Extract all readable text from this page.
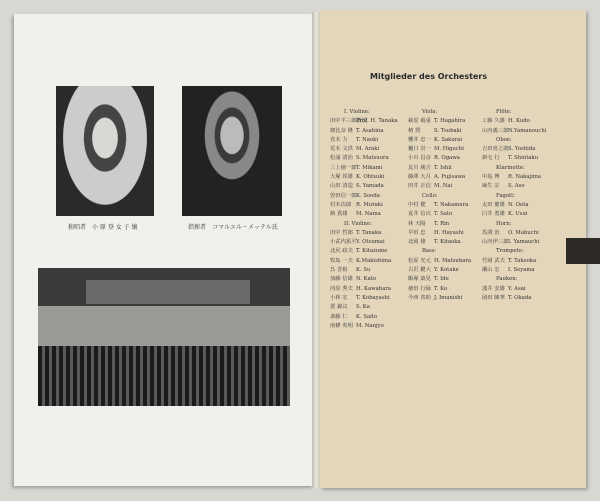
独唱者 小 原 登 女 子 嬢	指揮者 コマルエル・メッテル氏
Mitglieder des Orchesters
I. Violine:
田中平三郎教授Prof. H. Tanaka
朝比奈 隆 T. Asahina
直木 力 T. Naoki
荒木 文洪 M. Araki
松浦 清治 S. Matsuura
三上徳一郎T. Mikami
大塚 邦雄 K. Ohtsuki
山田 清造 S. Yamada
曽田信一郎K. Sooda
村木次郎 R. Muraki
納 貴雄 M. Nama
II. Violine:
田中 哲郎 T. Tanaka
小武内篤平Y. Otsumai
北尻 政夫 T. Kitazume
牧島 一夫 K.Makishima
呉 晋相 K. Su
加藤 信雄 N. Kato
河原 秀夫 H. Kawahara
小林 宏 T. Kobayashi
賈 錦汶 S. Ka
斎藤 仁 K. Saito
南條 英明 M. Nanjyo
Viola:
萩原 碩重 T. Hagahira
椿 奨	S. Tsubaki
櫻井 忠一 K. Sakurai
樋口 崇一 M. Higuchi
小川 昌彦 R. Ogawa
友川 廣吉 T. Ishii
藤澤 大月 A. Fujisawa
田井 正信 M. Nai
Cello:
中村 健 T. Nakamura
夏井 信次 T. Sato
林 天陽 T. Rin
早田 忠 H. Hayashi
北岡 雄 T. Kitaoka
Bass:
松原 光元 H. Matsubara
古沢 鍵大 Y. Kotake
飯塚 築見 T. Ide
徳田 行倫 T. Ko
今西 善助 J. Imanishi
Flöte:
工藤 久雄 H. Kudo
山内義三郎N.Yamanouchi
Oboe:
吉田喜之助S. Yoshida
新宅 行 T. Shintaku
Klarinette:
中島 博 R. Nakajima
麻生 宗 S. Aso
Fagott:
太田 慶雄 N. Oota
臼井 勇雄 K. Usui
Horn:
馬渕 治 O. Mabuchi
山内伊三郎I. Yamauchi
Trompete:
竹岡 武夫 T. Takeoka
瀬山 宏 I. Seyama
Pauken:
淺井 安雄 Y. Asai
岡田 陳華 T. Okada
